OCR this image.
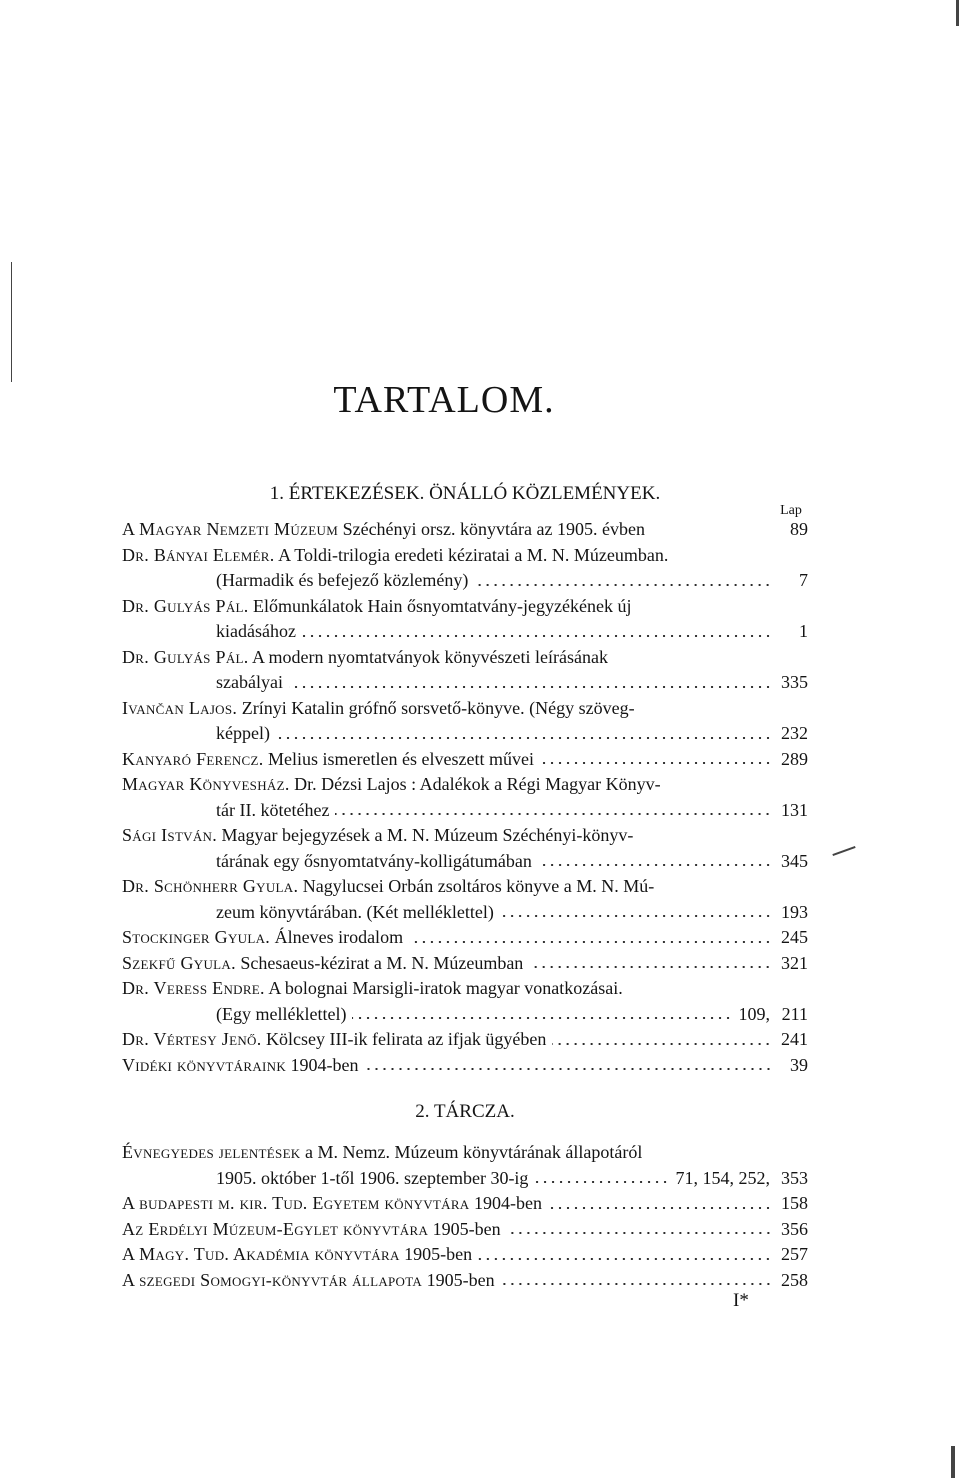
TARTALOM.
1. ÉRTEKEZÉSEK. ÖNÁLLÓ KÖZLEMÉNYEK.
Lap
A Magyar Nemzeti Múzeum Széchényi orsz. könyvtára az 1905. évben	89
Dr. Bányai Elemér. A Toldi-trilogia eredeti kéziratai a M. N. Múzeumban.
(Harmadik és befejező közlemény)	7
Dr. Gulyás Pál. Előmunkálatok Hain ősnyomtatvány-jegyzékének új
kiadásához	1
Dr. Gulyás Pál. A modern nyomtatványok könyvészeti leírásának
szabályai	335
Ivančan Lajos. Zrínyi Katalin grófnő sorsvető-könyve. (Négy szöveg-
képpel)	232
Kanyaró Ferencz. Melius ismeretlen és elveszett művei	289
Magyar Könyvesház. Dr. Dézsi Lajos : Adalékok a Régi Magyar Könyv-
tár II. kötetéhez	131
Sági István. Magyar bejegyzések a M. N. Múzeum Széchényi-könyv-
tárának egy ősnyomtatvány-kolligátumában	345
Dr. Schönherr Gyula. Nagylucsei Orbán zsoltáros könyve a M. N. Mú-
zeum könyvtárában. (Két melléklettel)	193
Stockinger Gyula. Álneves irodalom	245
Szekfű Gyula. Schesaeus-kézirat a M. N. Múzeumban	321
Dr. Veress Endre. A bolognai Marsigli-iratok magyar vonatkozásai.
(Egy melléklettel)	109, 211
Dr. Vértesy Jenő. Kölcsey III-ik felirata az ifjak ügyében	241
Vidéki könyvtáraink 1904-ben	39
2. TÁRCZA.
Évnegyedes jelentések a M. Nemz. Múzeum könyvtárának állapotáról
1905. október 1-től 1906. szeptember 30-ig	71, 154, 252, 353
A budapesti m. kir. Tud. Egyetem könyvtára 1904-ben	158
Az Erdélyi Múzeum-Egylet könyvtára 1905-ben	356
A Magy. Tud. Akadémia könyvtára 1905-ben	257
A szegedi Somogyi-könyvtár állapota 1905-ben	258
I*
